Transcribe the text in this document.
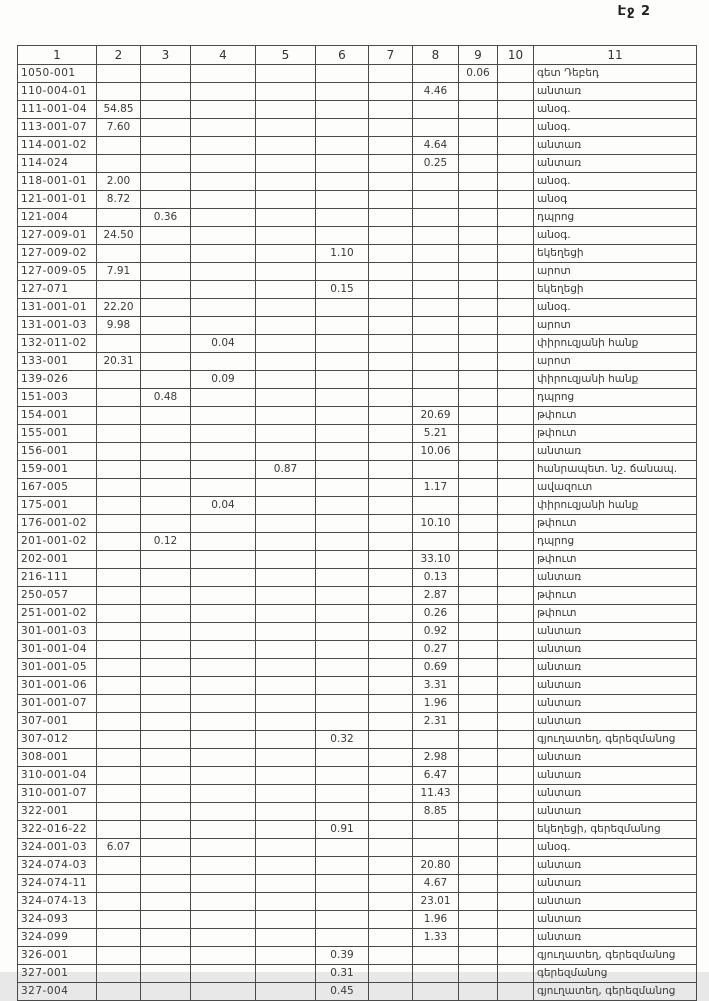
Էջ 2
1	2	3	4	5	6	7	8	9	10	11
1050-001								0.06		գետ Դեբեդ
110-004-01							4.46			անտառ
111-001-04	54.85									անօգ.
113-001-07	7.60									անօգ.
114-001-02							4.64			անտառ
114-024							0.25			անտառ
118-001-01	2.00									անօգ.
121-001-01	8.72									անօգ
121-004		0.36								դպրոց
127-009-01	24.50									անօգ.
127-009-02					1.10					եկեղեցի
127-009-05	7.91									արոտ
127-071					0.15					եկեղեցի
131-001-01	22.20									անօգ.
131-001-03	9.98									արոտ
132-011-02			0.04							փիրուզյանի հանք
133-001	20.31									արոտ
139-026			0.09							փիրուզյանի հանք
151-003		0.48								դպրոց
154-001							20.69			թփուտ
155-001							5.21			թփուտ
156-001							10.06			անտառ
159-001				0.87						հանրապետ. նշ. ճանապ.
167-005							1.17			ավազուտ
175-001			0.04							փիրուզյանի հանք
176-001-02							10.10			թփուտ
201-001-02		0.12								դպրոց
202-001							33.10			թփուտ
216-111							0.13			անտառ
250-057							2.87			թփուտ
251-001-02							0.26			թփուտ
301-001-03							0.92			անտառ
301-001-04							0.27			անտառ
301-001-05							0.69			անտառ
301-001-06							3.31			անտառ
301-001-07							1.96			անտառ
307-001							2.31			անտառ
307-012					0.32					գյուղատեղ, գերեզմանոց
308-001							2.98			անտառ
310-001-04							6.47			անտառ
310-001-07							11.43			անտառ
322-001							8.85			անտառ
322-016-22					0.91					եկեղեցի, գերեզմանոց
324-001-03	6.07									անօգ.
324-074-03							20.80			անտառ
324-074-11							4.67			անտառ
324-074-13							23.01			անտառ
324-093							1.96			անտառ
324-099							1.33			անտառ
326-001					0.39					գյուղատեղ, գերեզմանոց
327-001					0.31					գերեզմանոց
327-004					0.45					գյուղատեղ, գերեզմանոց
